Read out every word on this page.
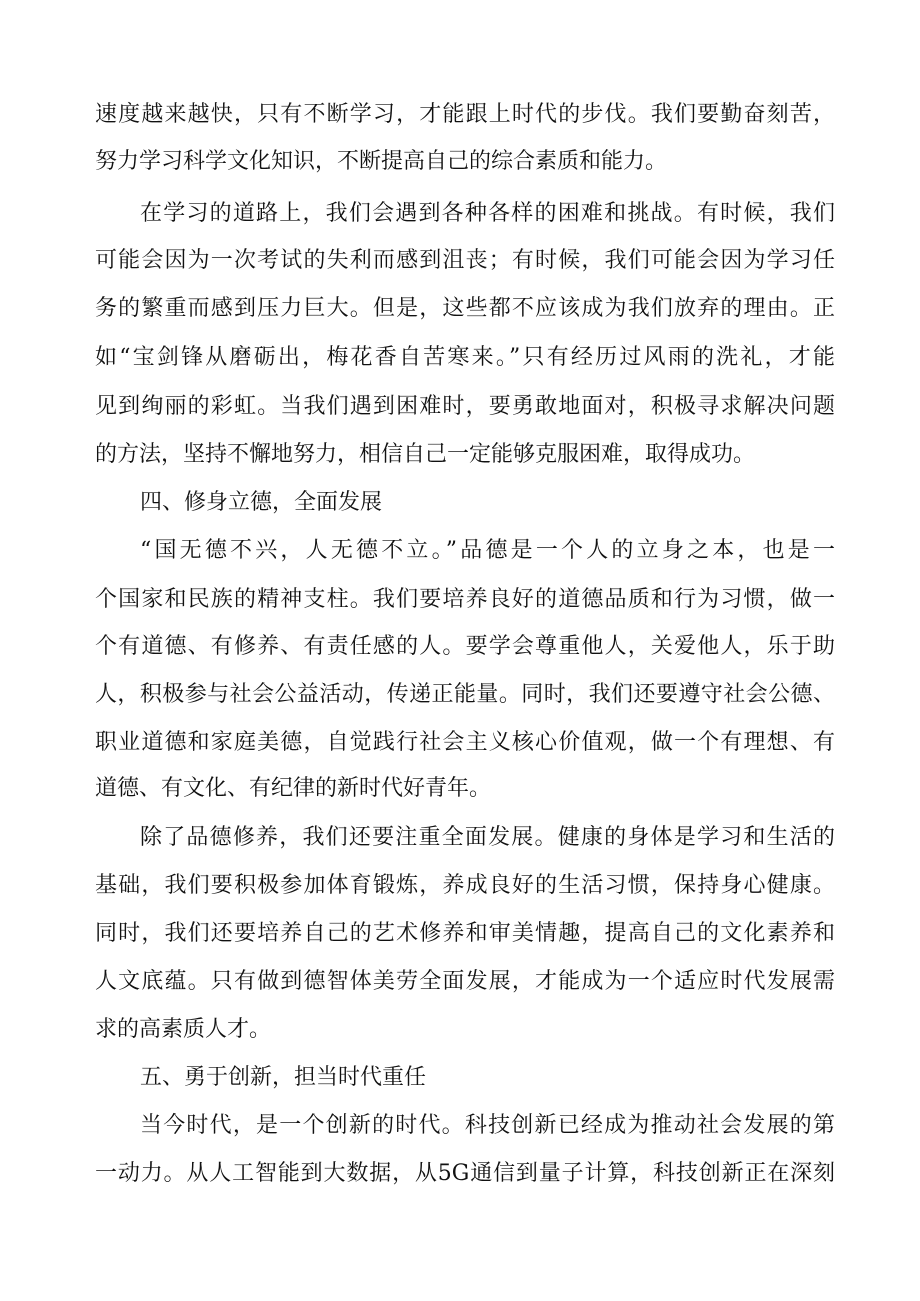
速度越来越快，只有不断学习，才能跟上时代的步伐。我们要勤奋刻苦，
努力学习科学文化知识，不断提高自己的综合素质和能力。
在学习的道路上，我们会遇到各种各样的困难和挑战。有时候，我们
可能会因为一次考试的失利而感到沮丧；有时候，我们可能会因为学习任
务的繁重而感到压力巨大。但是，这些都不应该成为我们放弃的理由。正
如“宝剑锋从磨砺出，梅花香自苦寒来。”只有经历过风雨的洗礼，才能
见到绚丽的彩虹。当我们遇到困难时，要勇敢地面对，积极寻求解决问题
的方法，坚持不懈地努力，相信自己一定能够克服困难，取得成功。
四、修身立德，全面发展
“国无德不兴，人无德不立。”品德是一个人的立身之本，也是一
个国家和民族的精神支柱。我们要培养良好的道德品质和行为习惯，做一
个有道德、有修养、有责任感的人。要学会尊重他人，关爱他人，乐于助
人，积极参与社会公益活动，传递正能量。同时，我们还要遵守社会公德、
职业道德和家庭美德，自觉践行社会主义核心价值观，做一个有理想、有
道德、有文化、有纪律的新时代好青年。
除了品德修养，我们还要注重全面发展。健康的身体是学习和生活的
基础，我们要积极参加体育锻炼，养成良好的生活习惯，保持身心健康。
同时，我们还要培养自己的艺术修养和审美情趣，提高自己的文化素养和
人文底蕴。只有做到德智体美劳全面发展，才能成为一个适应时代发展需
求的高素质人才。
五、勇于创新，担当时代重任
当今时代，是一个创新的时代。科技创新已经成为推动社会发展的第
一动力。从人工智能到大数据，从5G通信到量子计算，科技创新正在深刻
